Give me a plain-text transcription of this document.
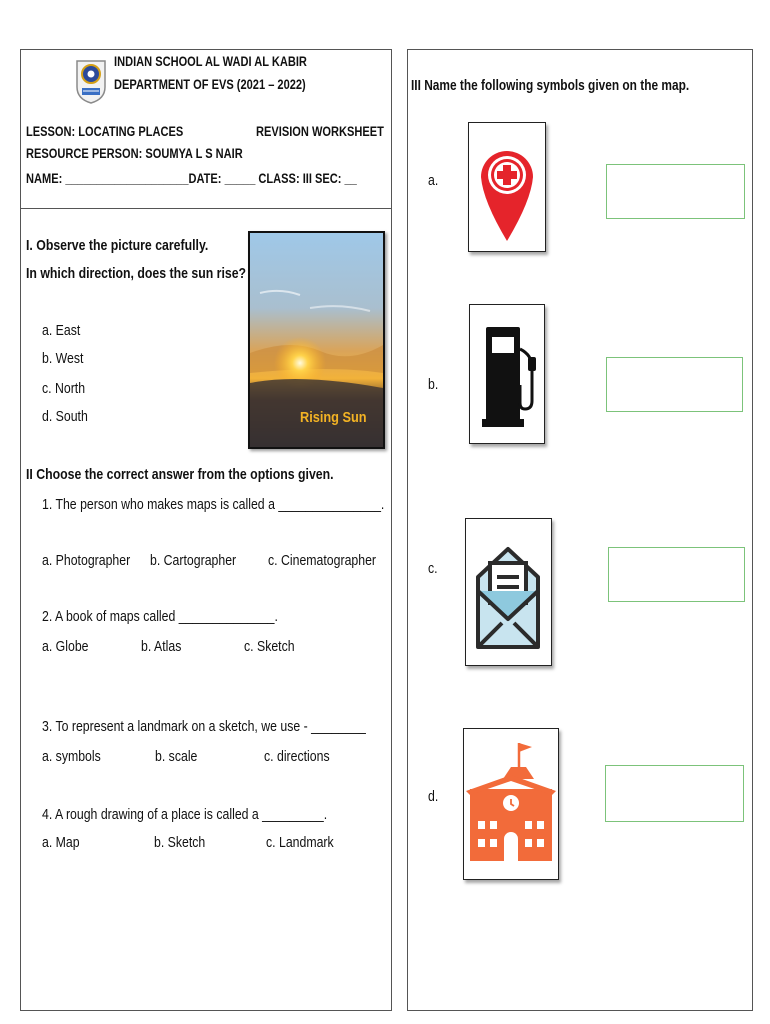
INDIAN SCHOOL AL WADI AL KABIR
DEPARTMENT OF EVS (2021 – 2022)
LESSON: LOCATING PLACES	REVISION WORKSHEET
RESOURCE PERSON: SOUMYA L S NAIR
NAME: ____________________DATE: _____ CLASS: III SEC: __
I. Observe the picture carefully.
In which direction, does the sun rise?
a. East
b. West
c. North
d. South	Rising Sun
II Choose the correct answer from the options given.
1. The person who makes maps is called a _______________.
a. Photographer b. Cartographer c. Cinematographer
2. A book of maps called ______________.
a. Globe	b. Atlas	c. Sketch
3. To represent a landmark on a sketch, we use - ________
a. symbols	b. scale	c. directions
4. A rough drawing of a place is called a _________.
a. Map	b. Sketch	c. Landmark
III Name the following symbols given on the map.
a.
b.
c.
d.
